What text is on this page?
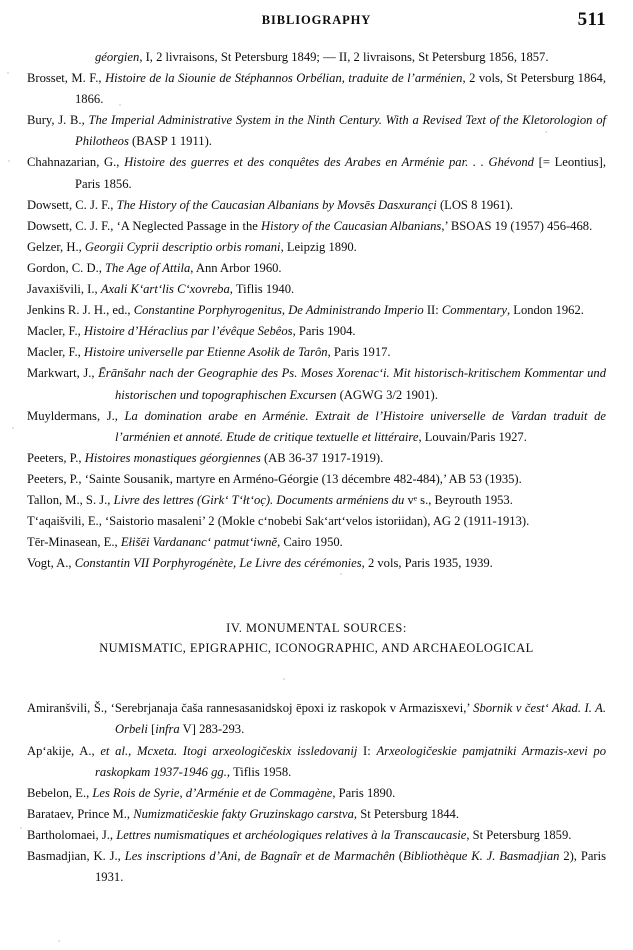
BIBLIOGRAPHY	511

géorgien, I, 2 livraisons, St Petersburg 1849; — II, 2 livraisons, St Petersburg 1856, 1857.

Brosset, M. F., Histoire de la Siounie de Stéphannos Orbélian, traduite de l’arménien, 2 vols, St Petersburg 1864, 1866.

Bury, J. B., The Imperial Administrative System in the Ninth Century. With a Revised Text of the Kletorologion of Philotheos (BASP 1 1911).

Chahnazarian, G., Histoire des guerres et des conquêtes des Arabes en Arménie par. . . Ghévond [= Leontius], Paris 1856.

Dowsett, C. J. F., The History of the Caucasian Albanians by Movsēs Dasxuranc̣i (LOS 8 1961).

Dowsett, C. J. F., ‘A Neglected Passage in the History of the Caucasian Albanians,’ BSOAS 19 (1957) 456-468.

Gelzer, H., Georgii Cyprii descriptio orbis romani, Leipzig 1890.

Gordon, C. D., The Age of Attila, Ann Arbor 1960.

Javaxišvili, I., Axali K‘art‘lis C‘xovreba, Tiflis 1940.

Jenkins R. J. H., ed., Constantine Porphyrogenitus, De Administrando Imperio II: Commentary, London 1962.

Macler, F., Histoire d’Héraclius par l’évêque Sebêos, Paris 1904.

Macler, F., Histoire universelle par Etienne Asołik de Tarôn, Paris 1917.

Markwart, J., Ērānšahr nach der Geographie des Ps. Moses Xorenac‘i. Mit historisch-kritischem Kommentar und historischen und topographischen Excursen (AGWG 3/2 1901).

Muyldermans, J., La domination arabe en Arménie. Extrait de l’Histoire universelle de Vardan traduit de l’arménien et annoté. Etude de critique textuelle et littéraire, Louvain/Paris 1927.

Peeters, P., Histoires monastiques géorgiennes (AB 36-37 1917-1919).

Peeters, P., ‘Sainte Sousanik, martyre en Arméno-Géorgie (13 décembre 482-484),’ AB 53 (1935).

Tallon, M., S. J., Livre des lettres (Girk‘ T‘łt‘oc̣). Documents arméniens du vᵉ s., Beyrouth 1953.

T‘aqaišvili, E., ‘Saistorio masaleni’ 2 (Mokle c‘nobebi Sak‘art‘velos istoriidan), AG 2 (1911-1913).

Tēr-Minasean, E., Ełišēi Vardananc‘ patmut‘iwnĕ, Cairo 1950.

Vogt, A., Constantin VII Porphyrogénète, Le Livre des cérémonies, 2 vols, Paris 1935, 1939.

IV. MONUMENTAL SOURCES:
NUMISMATIC, EPIGRAPHIC, ICONOGRAPHIC, AND ARCHAEOLOGICAL

Amiranšvili, Š., ‘Serebrjanaja čaša rannesasanidskoj ēpoxi iz raskopok v Armazisxevi,’ Sbornik v čest‘ Akad. I. A. Orbeli [infra V] 283-293.

Ap‘akije, A., et al., Mcxeta. Itogi arxeologičeskix issledovanij I: Arxeologičeskie pamjatniki Armazis-xevi po raskopkam 1937-1946 gg., Tiflis 1958.

Bebelon, E., Les Rois de Syrie, d’Arménie et de Commagène, Paris 1890.

Barataev, Prince M., Numizmatičeskie fakty Gruzinskago carstva, St Petersburg 1844.

Bartholomaei, J., Lettres numismatiques et archéologiques relatives à la Transcaucasie, St Petersburg 1859.

Basmadjian, K. J., Les inscriptions d’Ani, de Bagnaîr et de Marmachên (Bibliothèque K. J. Basmadjian 2), Paris 1931.
